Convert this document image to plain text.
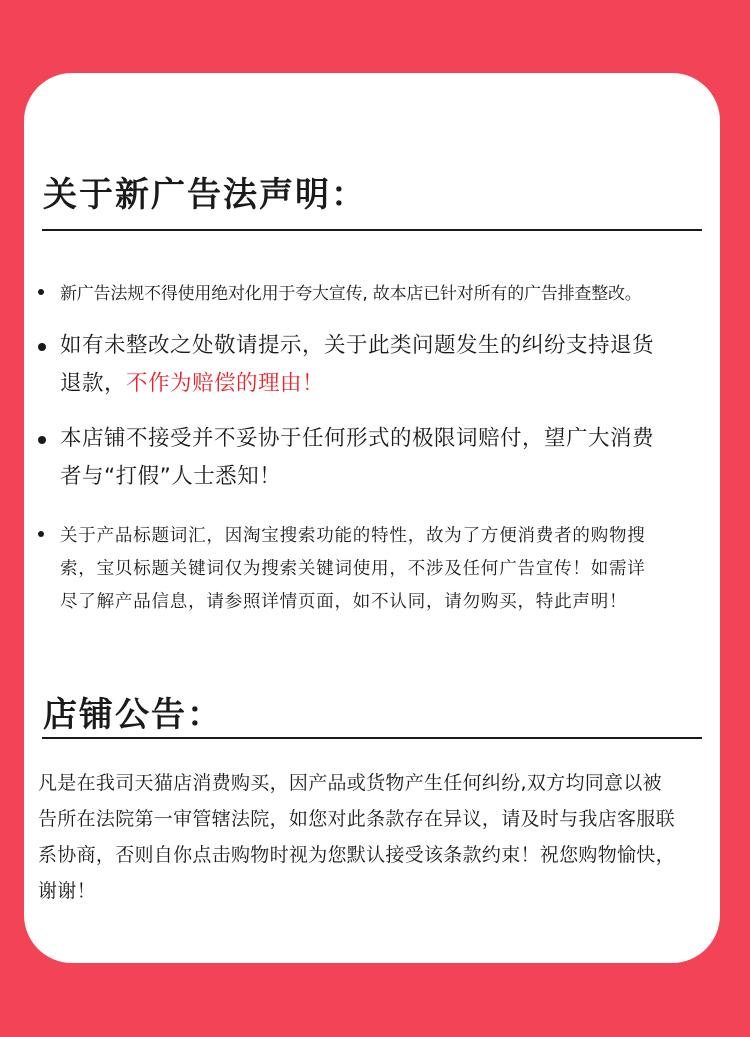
关于新广告法声明：
新广告法规不得使用绝对化用于夸大宣传, 故本店已针对所有的广告排查整改。
如有未整改之处敬请提示，关于此类问题发生的纠纷支持退货
退款，不作为赔偿的理由！
本店铺不接受并不妥协于任何形式的极限词赔付，望广大消费
者与“打假”人士悉知！
关于产品标题词汇，因淘宝搜索功能的特性，故为了方便消费者的购物搜
索，宝贝标题关键词仅为搜索关键词使用，不涉及任何广告宣传！如需详
尽了解产品信息，请参照详情页面，如不认同，请勿购买，特此声明！
店铺公告：
凡是在我司天猫店消费购买，因产品或货物产生任何纠纷,双方均同意以被
告所在法院第一审管辖法院，如您对此条款存在异议，请及时与我店客服联
系协商，否则自你点击购物时视为您默认接受该条款约束！祝您购物愉快，
谢谢！
